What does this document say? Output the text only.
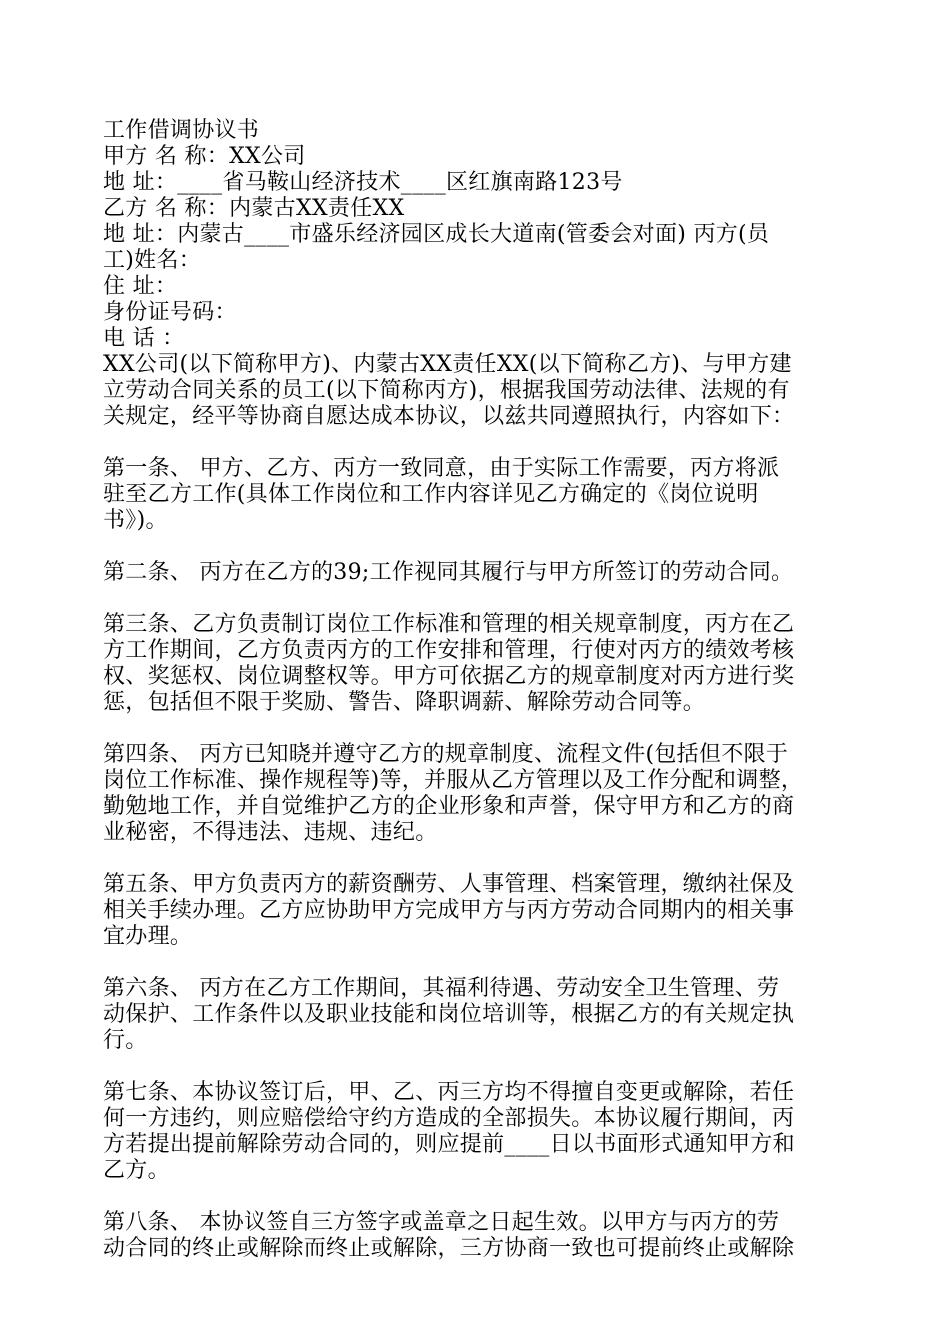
工作借调协议书

甲方 名 称：XX公司

地 址：____省马鞍山经济技术____区红旗南路123号

乙方 名 称：内蒙古XX责任XX

地 址：内蒙古____市盛乐经济园区成长大道南(管委会对面) 丙方(员

工)姓名：

住 址：

身份证号码：

电 话 ：

XX公司(以下简称甲方)、内蒙古XX责任XX(以下简称乙方)、与甲方建
立劳动合同关系的员工(以下简称丙方)，根据我国劳动法律、法规的有
关规定，经平等协商自愿达成本协议，以兹共同遵照执行，内容如下：
第一条、 甲方、乙方、丙方一致同意，由于实际工作需要，丙方将派
驻至乙方工作(具体工作岗位和工作内容详见乙方确定的《岗位说明
书》)。
第二条、 丙方在乙方的39;工作视同其履行与甲方所签订的劳动合同。
第三条、乙方负责制订岗位工作标准和管理的相关规章制度，丙方在乙
方工作期间，乙方负责丙方的工作安排和管理，行使对丙方的绩效考核
权、奖惩权、岗位调整权等。甲方可依据乙方的规章制度对丙方进行奖
惩，包括但不限于奖励、警告、降职调薪、解除劳动合同等。
第四条、 丙方已知晓并遵守乙方的规章制度、流程文件(包括但不限于
岗位工作标准、操作规程等)等，并服从乙方管理以及工作分配和调整，
勤勉地工作，并自觉维护乙方的企业形象和声誉，保守甲方和乙方的商
业秘密，不得违法、违规、违纪。
第五条、甲方负责丙方的薪资酬劳、人事管理、档案管理，缴纳社保及
相关手续办理。乙方应协助甲方完成甲方与丙方劳动合同期内的相关事
宜办理。
第六条、 丙方在乙方工作期间，其福利待遇、劳动安全卫生管理、劳
动保护、工作条件以及职业技能和岗位培训等，根据乙方的有关规定执
行。
第七条、本协议签订后，甲、乙、丙三方均不得擅自变更或解除，若任
何一方违约，则应赔偿给守约方造成的全部损失。本协议履行期间，丙
方若提出提前解除劳动合同的，则应提前____日以书面形式通知甲方和
乙方。
第八条、 本协议签自三方签字或盖章之日起生效。以甲方与丙方的劳
动合同的终止或解除而终止或解除，三方协商一致也可提前终止或解除
